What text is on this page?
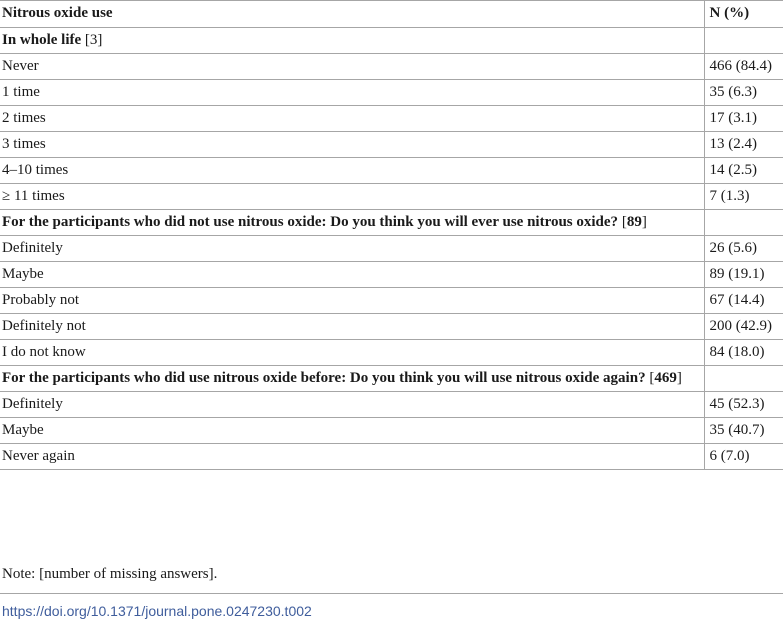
Nitrous oxide use	N (%)
In whole life [3]	
Never	466 (84.4)
1 time	35 (6.3)
2 times	17 (3.1)
3 times	13 (2.4)
4–10 times	14 (2.5)
≥ 11 times	7 (1.3)
For the participants who did not use nitrous oxide: Do you think you will ever use nitrous oxide? [89]	
Definitely	26 (5.6)
Maybe	89 (19.1)
Probably not	67 (14.4)
Definitely not	200 (42.9)
I do not know	84 (18.0)
For the participants who did use nitrous oxide before: Do you think you will use nitrous oxide again? [469]	
Definitely	45 (52.3)
Maybe	35 (40.7)
Never again	6 (7.0)
Note: [number of missing answers].
https://doi.org/10.1371/journal.pone.0247230.t002
